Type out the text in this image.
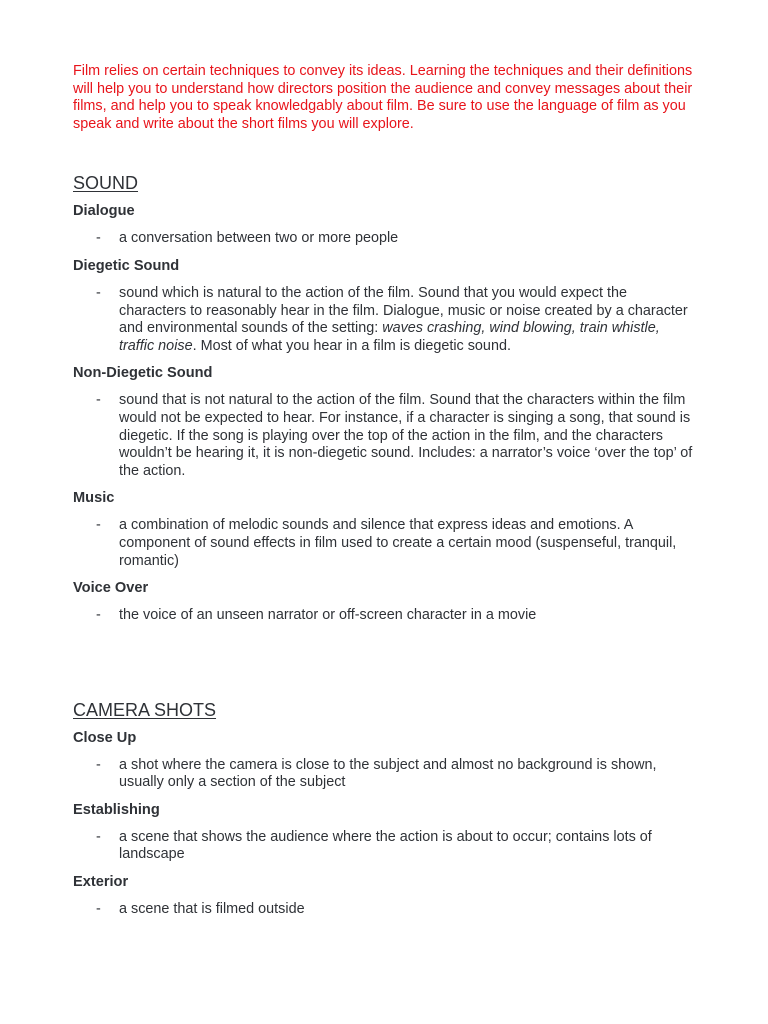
Film relies on certain techniques to convey its ideas. Learning the techniques and their definitions will help you to understand how directors position the audience and convey messages about their films, and help you to speak knowledgably about film. Be sure to use the language of film as you speak and write about the short films you will explore.

SOUND

Dialogue

-	a conversation between two or more people

Diegetic Sound

-	sound which is natural to the action of the film. Sound that you would expect the characters to reasonably hear in the film. Dialogue, music or noise created by a character and environmental sounds of the setting: waves crashing, wind blowing, train whistle, traffic noise. Most of what you hear in a film is diegetic sound.

Non-Diegetic Sound

-	sound that is not natural to the action of the film. Sound that the characters within the film would not be expected to hear. For instance, if a character is singing a song, that sound is diegetic. If the song is playing over the top of the action in the film, and the characters wouldn’t be hearing it, it is non-diegetic sound. Includes: a narrator’s voice ‘over the top’ of the action.

Music

-	a combination of melodic sounds and silence that express ideas and emotions. A component of sound effects in film used to create a certain mood (suspenseful, tranquil, romantic)

Voice Over

-	the voice of an unseen narrator or off-screen character in a movie

CAMERA SHOTS

Close Up

-	a shot where the camera is close to the subject and almost no background is shown, usually only a section of the subject

Establishing

-	a scene that shows the audience where the action is about to occur; contains lots of landscape

Exterior

-	a scene that is filmed outside
